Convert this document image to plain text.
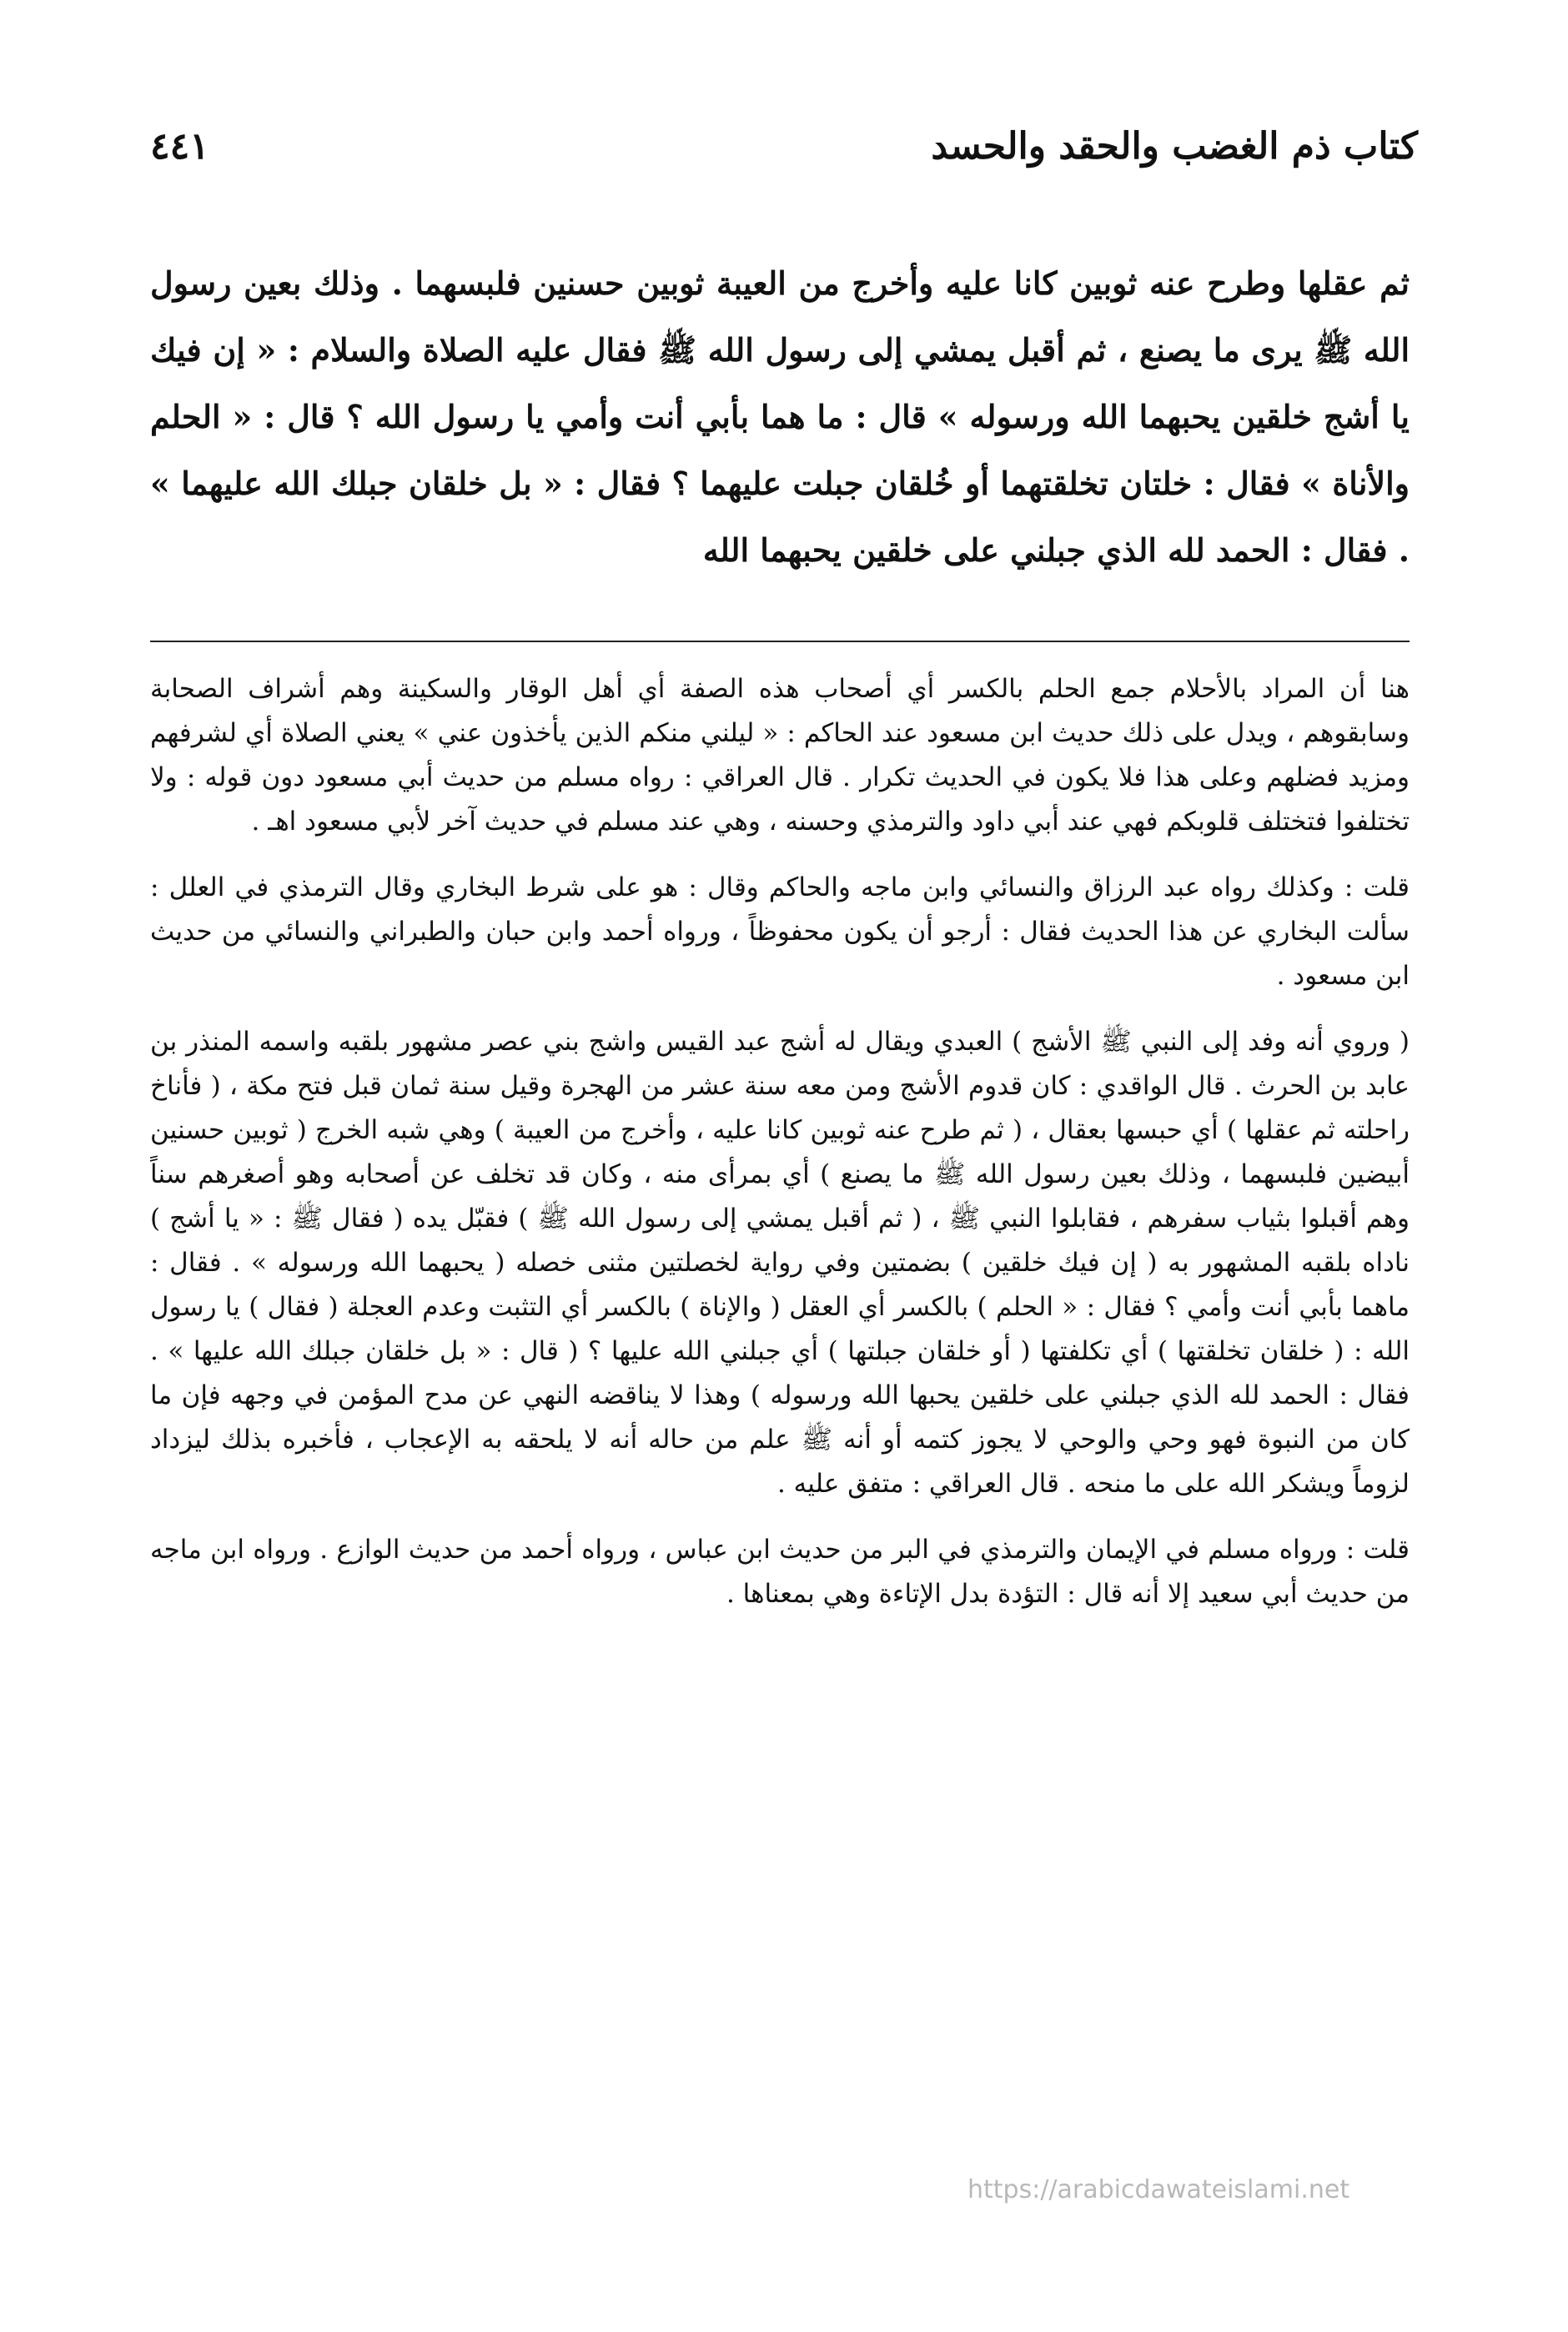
كتاب ذم الغضب والحقد والحسد
٤٤١

ثم عقلها وطرح عنه ثوبين كانا عليه وأخرج من العيبة ثوبين حسنين فلبسهما . وذلك بعين رسول الله ﷺ يرى ما يصنع ، ثم أقبل يمشي إلى رسول الله ﷺ فقال عليه الصلاة والسلام : « إن فيك يا أشج خلقين يحبهما الله ورسوله » قال : ما هما بأبي أنت وأمي يا رسول الله ؟ قال : « الحلم والأناة » فقال : خلتان تخلقتهما أو خُلقان جبلت عليهما ؟ فقال : « بل خلقان جبلك الله عليهما » . فقال : الحمد لله الذي جبلني على خلقين يحبهما الله

هنا أن المراد بالأحلام جمع الحلم بالكسر أي أصحاب هذه الصفة أي أهل الوقار والسكينة وهم أشراف الصحابة وسابقوهم ، ويدل على ذلك حديث ابن مسعود عند الحاكم : « ليلني منكم الذين يأخذون عني » يعني الصلاة أي لشرفهم ومزيد فضلهم وعلى هذا فلا يكون في الحديث تكرار . قال العراقي : رواه مسلم من حديث أبي مسعود دون قوله : ولا تختلفوا فتختلف قلوبكم فهي عند أبي داود والترمذي وحسنه ، وهي عند مسلم في حديث آخر لأبي مسعود اهـ .

قلت : وكذلك رواه عبد الرزاق والنسائي وابن ماجه والحاكم وقال : هو على شرط البخاري وقال الترمذي في العلل : سألت البخاري عن هذا الحديث فقال : أرجو أن يكون محفوظاً ، ورواه أحمد وابن حبان والطبراني والنسائي من حديث ابن مسعود .

( وروي أنه وفد إلى النبي ﷺ الأشج ) العبدي ويقال له أشج عبد القيس واشج بني عصر مشهور بلقبه واسمه المنذر بن عابد بن الحرث . قال الواقدي : كان قدوم الأشج ومن معه سنة عشر من الهجرة وقيل سنة ثمان قبل فتح مكة ، ( فأناخ راحلته ثم عقلها ) أي حبسها بعقال ، ( ثم طرح عنه ثوبين كانا عليه ، وأخرج من العيبة ) وهي شبه الخرج ( ثوبين حسنين أبيضين فلبسهما ، وذلك بعين رسول الله ﷺ ما يصنع ) أي بمرأى منه ، وكان قد تخلف عن أصحابه وهو أصغرهم سناً وهم أقبلوا بثياب سفرهم ، فقابلوا النبي ﷺ ، ( ثم أقبل يمشي إلى رسول الله ﷺ ) فقبّل يده ( فقال ﷺ : « يا أشج ) ناداه بلقبه المشهور به ( إن فيك خلقين ) بضمتين وفي رواية لخصلتين مثنى خصله ( يحبهما الله ورسوله » . فقال : ماهما بأبي أنت وأمي ؟ فقال : « الحلم ) بالكسر أي العقل ( والإناة ) بالكسر أي التثبت وعدم العجلة ( فقال ) يا رسول الله : ( خلقان تخلقتها ) أي تكلفتها ( أو خلقان جبلتها ) أي جبلني الله عليها ؟ ( قال : « بل خلقان جبلك الله عليها » . فقال : الحمد لله الذي جبلني على خلقين يحبها الله ورسوله ) وهذا لا يناقضه النهي عن مدح المؤمن في وجهه فإن ما كان من النبوة فهو وحي والوحي لا يجوز كتمه أو أنه ﷺ علم من حاله أنه لا يلحقه به الإعجاب ، فأخبره بذلك ليزداد لزوماً ويشكر الله على ما منحه . قال العراقي : متفق عليه .

قلت : ورواه مسلم في الإيمان والترمذي في البر من حديث ابن عباس ، ورواه أحمد من حديث الوازع . ورواه ابن ماجه من حديث أبي سعيد إلا أنه قال : التؤدة بدل الإتاءة وهي بمعناها .

https://arabicdawateislami.net
